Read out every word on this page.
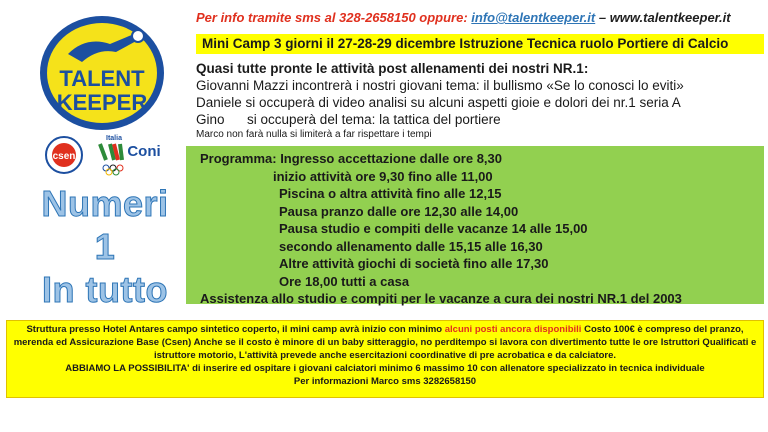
TALENT
KEEPER
csen
Italia
Coni
Numeri
1
In tutto
Per info tramite sms al 328-2658150 oppure: info@talentkeeper.it – www.talentkeeper.it
Mini Camp 3 giorni il 27-28-29 dicembre Istruzione Tecnica ruolo Portiere di Calcio
Quasi tutte pronte le attività post allenamenti dei nostri NR.1:
Giovanni Mazzi incontrerà i nostri giovani tema: il bullismo «Se lo conosci lo eviti»
Daniele si occuperà di video analisi su alcuni aspetti gioie e dolori dei nr.1 seria A
Gino      si occuperà del tema: la tattica del portiere
Marco non farà nulla si limiterà a far rispettare i tempi
Programma: Ingresso accettazione dalle ore 8,30
inizio attività ore 9,30 fino alle 11,00
Piscina o altra attività fino alle 12,15
Pausa pranzo dalle ore 12,30 alle 14,00
Pausa studio e compiti delle vacanze 14 alle 15,00
secondo allenamento dalle 15,15 alle 16,30
Altre attività giochi di società fino alle 17,30
Ore 18,00 tutti a casa
Assistenza allo studio e compiti per le vacanze a cura dei nostri NR.1 del 2003
Struttura presso Hotel Antares campo sintetico coperto, il mini camp avrà inizio con minimo alcuni posti ancora disponibili Costo 100€ è compreso del pranzo, merenda ed Assicurazione Base (Csen) Anche se il costo è minore di un baby sitteraggio, no perditempo si lavora con divertimento tutte le ore Istruttori Qualificati e istruttore motorio, L'attività prevede anche esercitazioni coordinative di pre acrobatica e da calciatore.
ABBIAMO LA POSSIBILITA' di inserire ed ospitare i giovani calciatori minimo 6 massimo 10 con allenatore specializzato in tecnica individuale
Per informazioni Marco sms 3282658150
